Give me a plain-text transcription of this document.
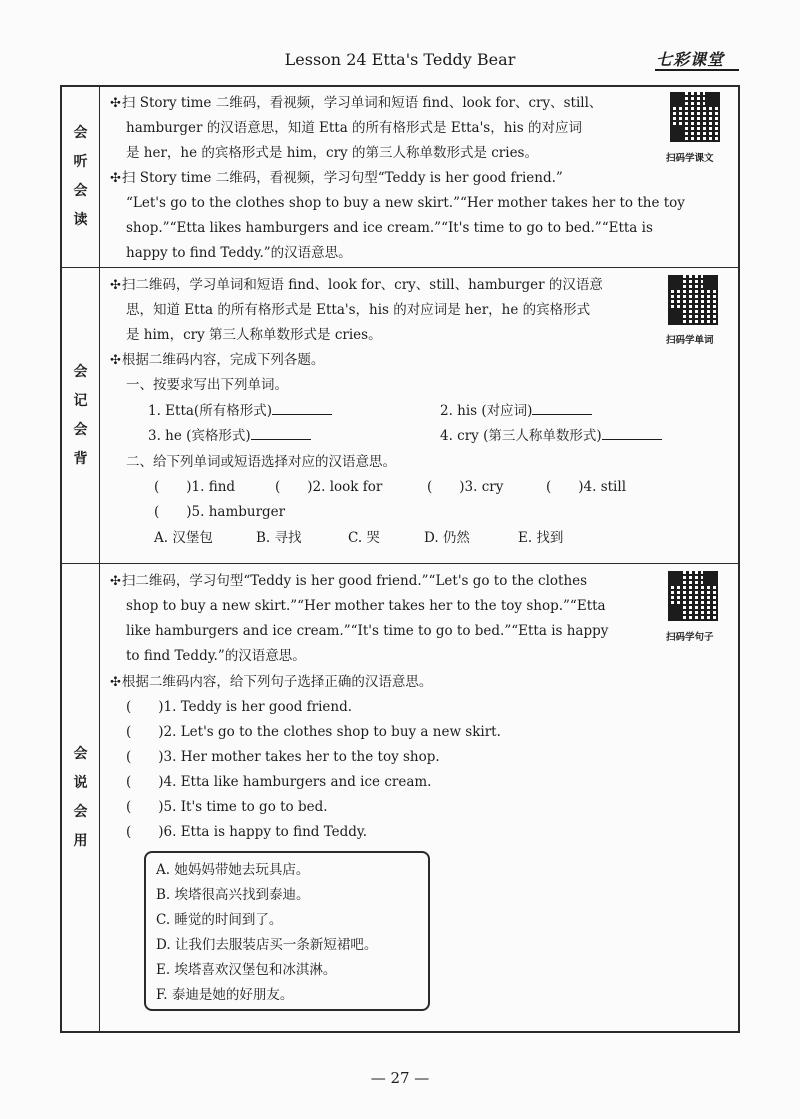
Lesson 24 Etta's Teddy Bear	七彩课堂
会
听
会
读

✣扫 Story time 二维码，看视频，学习单词和短语 find、look for、cry、still、

hamburger 的汉语意思，知道 Etta 的所有格形式是 Etta's，his 的对应词

是 her，he 的宾格形式是 him，cry 的第三人称单数形式是 cries。

✣扫 Story time 二维码，看视频，学习句型“Teddy is her good friend.”

“Let's go to the clothes shop to buy a new skirt.”“Her mother takes her to the toy

shop.”“Etta likes hamburgers and ice cream.”“It's time to go to bed.”“Etta is

happy to find Teddy.”的汉语意思。

扫码学课文
会
记
会
背

✣扫二维码，学习单词和短语 find、look for、cry、still、hamburger 的汉语意

思，知道 Etta 的所有格形式是 Etta's，his 的对应词是 her，he 的宾格形式

是 him，cry 第三人称单数形式是 cries。

✣根据二维码内容，完成下列各题。

一、按要求写出下列单词。

1. Etta(所有格形式)	2. his (对应词)

3. he (宾格形式)	4. cry (第三人称单数形式)

二、给下列单词或短语选择对应的汉语意思。

(　　)1. find	(　　)2. look for	(　　)3. cry	(　　)4. still

(　　)5. hamburger

A. 汉堡包	B. 寻找	C. 哭	D. 仍然	E. 找到

扫码学单词
会
说
会
用

✣扫二维码，学习句型“Teddy is her good friend.”“Let's go to the clothes

shop to buy a new skirt.”“Her mother takes her to the toy shop.”“Etta

like hamburgers and ice cream.”“It's time to go to bed.”“Etta is happy

to find Teddy.”的汉语意思。

✣根据二维码内容，给下列句子选择正确的汉语意思。

(　　)1. Teddy is her good friend.

(　　)2. Let's go to the clothes shop to buy a new skirt.

(　　)3. Her mother takes her to the toy shop.

(　　)4. Etta like hamburgers and ice cream.

(　　)5. It's time to go to bed.

(　　)6. Etta is happy to find Teddy.

扫码学句子
A. 她妈妈带她去玩具店。
B. 埃塔很高兴找到泰迪。
C. 睡觉的时间到了。
D. 让我们去服装店买一条新短裙吧。
E. 埃塔喜欢汉堡包和冰淇淋。
F. 泰迪是她的好朋友。
— 27 —
